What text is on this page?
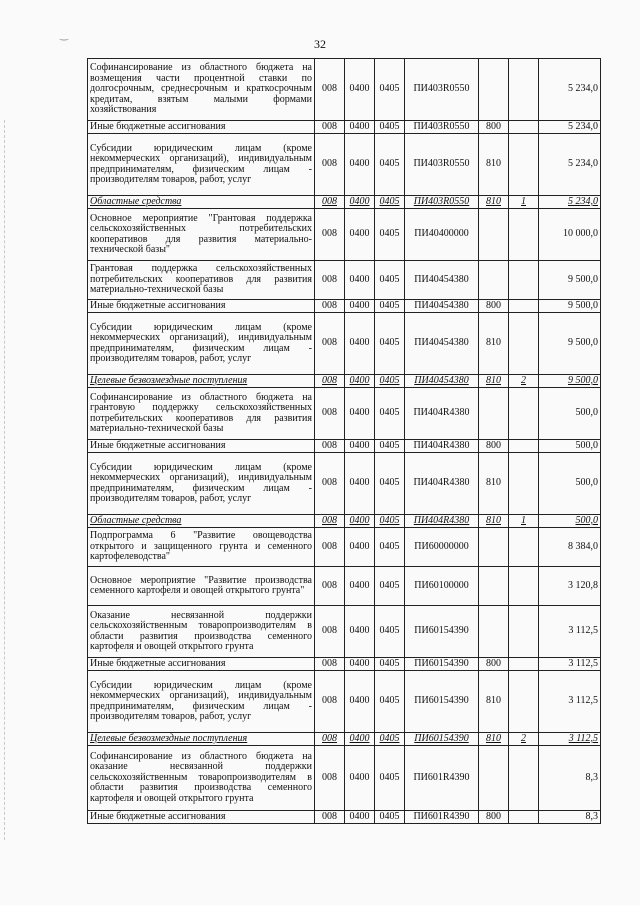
‿
32
Софинансирование из областного бюджета на возмещения части процентной ставки по долгосрочным, среднесрочным и краткосрочным кредитам, взятым малыми формами хозяйствования	008	0400	0405	ПИ403R0550			5 234,0
Иные бюджетные ассигнования	008	0400	0405	ПИ403R0550	800		5 234,0
Субсидии юридическим лицам (кроме некоммерческих организаций), индивидуальным предпринимателям, физическим лицам - производителям товаров, работ, услуг	008	0400	0405	ПИ403R0550	810		5 234,0
Областные средства	008	0400	0405	ПИ403R0550	810	1	5 234,0
Основное мероприятие "Грантовая поддержка сельскохозяйственных потребительских кооперативов для развития материально-технической базы"	008	0400	0405	ПИ40400000			10 000,0
Грантовая поддержка сельскохозяйственных потребительских кооперативов для развития материально-технической базы	008	0400	0405	ПИ40454380			9 500,0
Иные бюджетные ассигнования	008	0400	0405	ПИ40454380	800		9 500,0
Субсидии юридическим лицам (кроме некоммерческих организаций), индивидуальным предпринимателям, физическим лицам - производителям товаров, работ, услуг	008	0400	0405	ПИ40454380	810		9 500,0
Целевые безвозмездные поступления	008	0400	0405	ПИ40454380	810	2	9 500,0
Софинансирование из областного бюджета на грантовую поддержку сельскохозяйственных потребительских кооперативов для развития материально-технической базы	008	0400	0405	ПИ404R4380			500,0
Иные бюджетные ассигнования	008	0400	0405	ПИ404R4380	800		500,0
Субсидии юридическим лицам (кроме некоммерческих организаций), индивидуальным предпринимателям, физическим лицам - производителям товаров, работ, услуг	008	0400	0405	ПИ404R4380	810		500,0
Областные средства	008	0400	0405	ПИ404R4380	810	1	500,0
Подпрограмма 6 "Развитие овощеводства открытого и защищенного грунта и семенного картофелеводства"	008	0400	0405	ПИ60000000			8 384,0
Основное мероприятие "Развитие производства семенного картофеля и овощей открытого грунта"	008	0400	0405	ПИ60100000			3 120,8
Оказание несвязанной поддержки сельскохозяйственным товаропроизводителям в области развития производства семенного картофеля и овощей открытого грунта	008	0400	0405	ПИ60154390			3 112,5
Иные бюджетные ассигнования	008	0400	0405	ПИ60154390	800		3 112,5
Субсидии юридическим лицам (кроме некоммерческих организаций), индивидуальным предпринимателям, физическим лицам - производителям товаров, работ, услуг	008	0400	0405	ПИ60154390	810		3 112,5
Целевые безвозмездные поступления	008	0400	0405	ПИ60154390	810	2	3 112,5
Софинансирование из областного бюджета на оказание несвязанной поддержки сельскохозяйственным товаропроизводителям в области развития производства семенного картофеля и овощей открытого грунта	008	0400	0405	ПИ601R4390			8,3
Иные бюджетные ассигнования	008	0400	0405	ПИ601R4390	800		8,3
